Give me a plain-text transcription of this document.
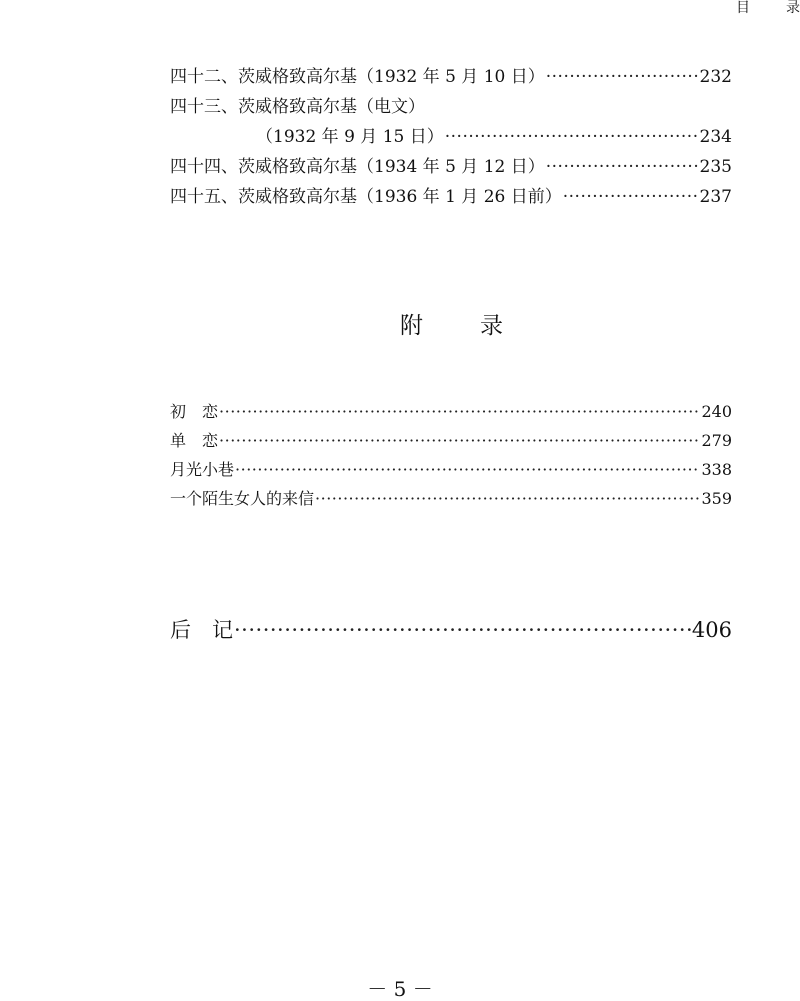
目	录
四十二、茨威格致高尔基（1932 年 5 月 10 日） ·····	232
四十三、茨威格致高尔基（电文）
（1932 年 9 月 15 日） ·····	234
四十四、茨威格致高尔基（1934 年 5 月 12 日） ·····	235
四十五、茨威格致高尔基（1936 年 1 月 26 日前） ·····	237
附 录
初　恋 ·····	240
单　恋 ·····	279
月光小巷 ·····	338
一个陌生女人的来信 ·····	359
后　记 ·····	406
－ 5 －
